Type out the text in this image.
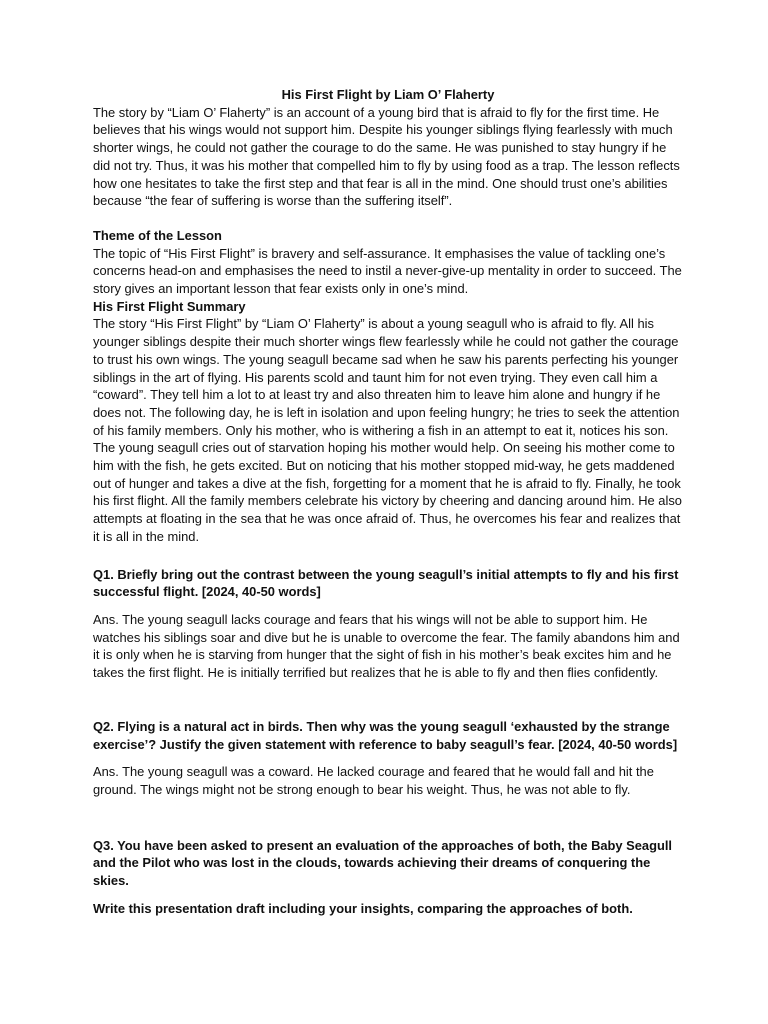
His First Flight by Liam O’ Flaherty

The story by “Liam O’ Flaherty” is an account of a young bird that is afraid to fly for the first time. He believes that his wings would not support him. Despite his younger siblings flying fearlessly with much shorter wings, he could not gather the courage to do the same. He was punished to stay hungry if he did not try. Thus, it was his mother that compelled him to fly by using food as a trap. The lesson reflects how one hesitates to take the first step and that fear is all in the mind. One should trust one’s abilities because “the fear of suffering is worse than the suffering itself”.

Theme of the Lesson

The topic of “His First Flight” is bravery and self-assurance. It emphasises the value of tackling one’s concerns head-on and emphasises the need to instil a never-give-up mentality in order to succeed. The story gives an important lesson that fear exists only in one’s mind.

His First Flight Summary

The story “His First Flight” by “Liam O’ Flaherty” is about a young seagull who is afraid to fly. All his younger siblings despite their much shorter wings flew fearlessly while he could not gather the courage to trust his own wings. The young seagull became sad when he saw his parents perfecting his younger siblings in the art of flying. His parents scold and taunt him for not even trying. They even call him a “coward”. They tell him a lot to at least try and also threaten him to leave him alone and hungry if he does not. The following day, he is left in isolation and upon feeling hungry; he tries to seek the attention of his family members. Only his mother, who is withering a fish in an attempt to eat it, notices his son. The young seagull cries out of starvation hoping his mother would help. On seeing his mother come to him with the fish, he gets excited. But on noticing that his mother stopped mid-way, he gets maddened out of hunger and takes a dive at the fish, forgetting for a moment that he is afraid to fly. Finally, he took his first flight. All the family members celebrate his victory by cheering and dancing around him. He also attempts at floating in the sea that he was once afraid of. Thus, he overcomes his fear and realizes that it is all in the mind.

Q1. Briefly bring out the contrast between the young seagull’s initial attempts to fly and his first successful flight. [2024, 40-50 words]

Ans. The young seagull lacks courage and fears that his wings will not be able to support him. He watches his siblings soar and dive but he is unable to overcome the fear. The family abandons him and it is only when he is starving from hunger that the sight of fish in his mother’s beak excites him and he takes the first flight. He is initially terrified but realizes that he is able to fly and then flies confidently.

Q2. Flying is a natural act in birds. Then why was the young seagull ‘exhausted by the strange exercise’? Justify the given statement with reference to baby seagull’s fear. [2024, 40-50 words]

Ans. The young seagull was a coward. He lacked courage and feared that he would fall and hit the ground. The wings might not be strong enough to bear his weight. Thus, he was not able to fly.

Q3. You have been asked to present an evaluation of the approaches of both, the Baby Seagull and the Pilot who was lost in the clouds, towards achieving their dreams of conquering the skies.

Write this presentation draft including your insights, comparing the approaches of both.
